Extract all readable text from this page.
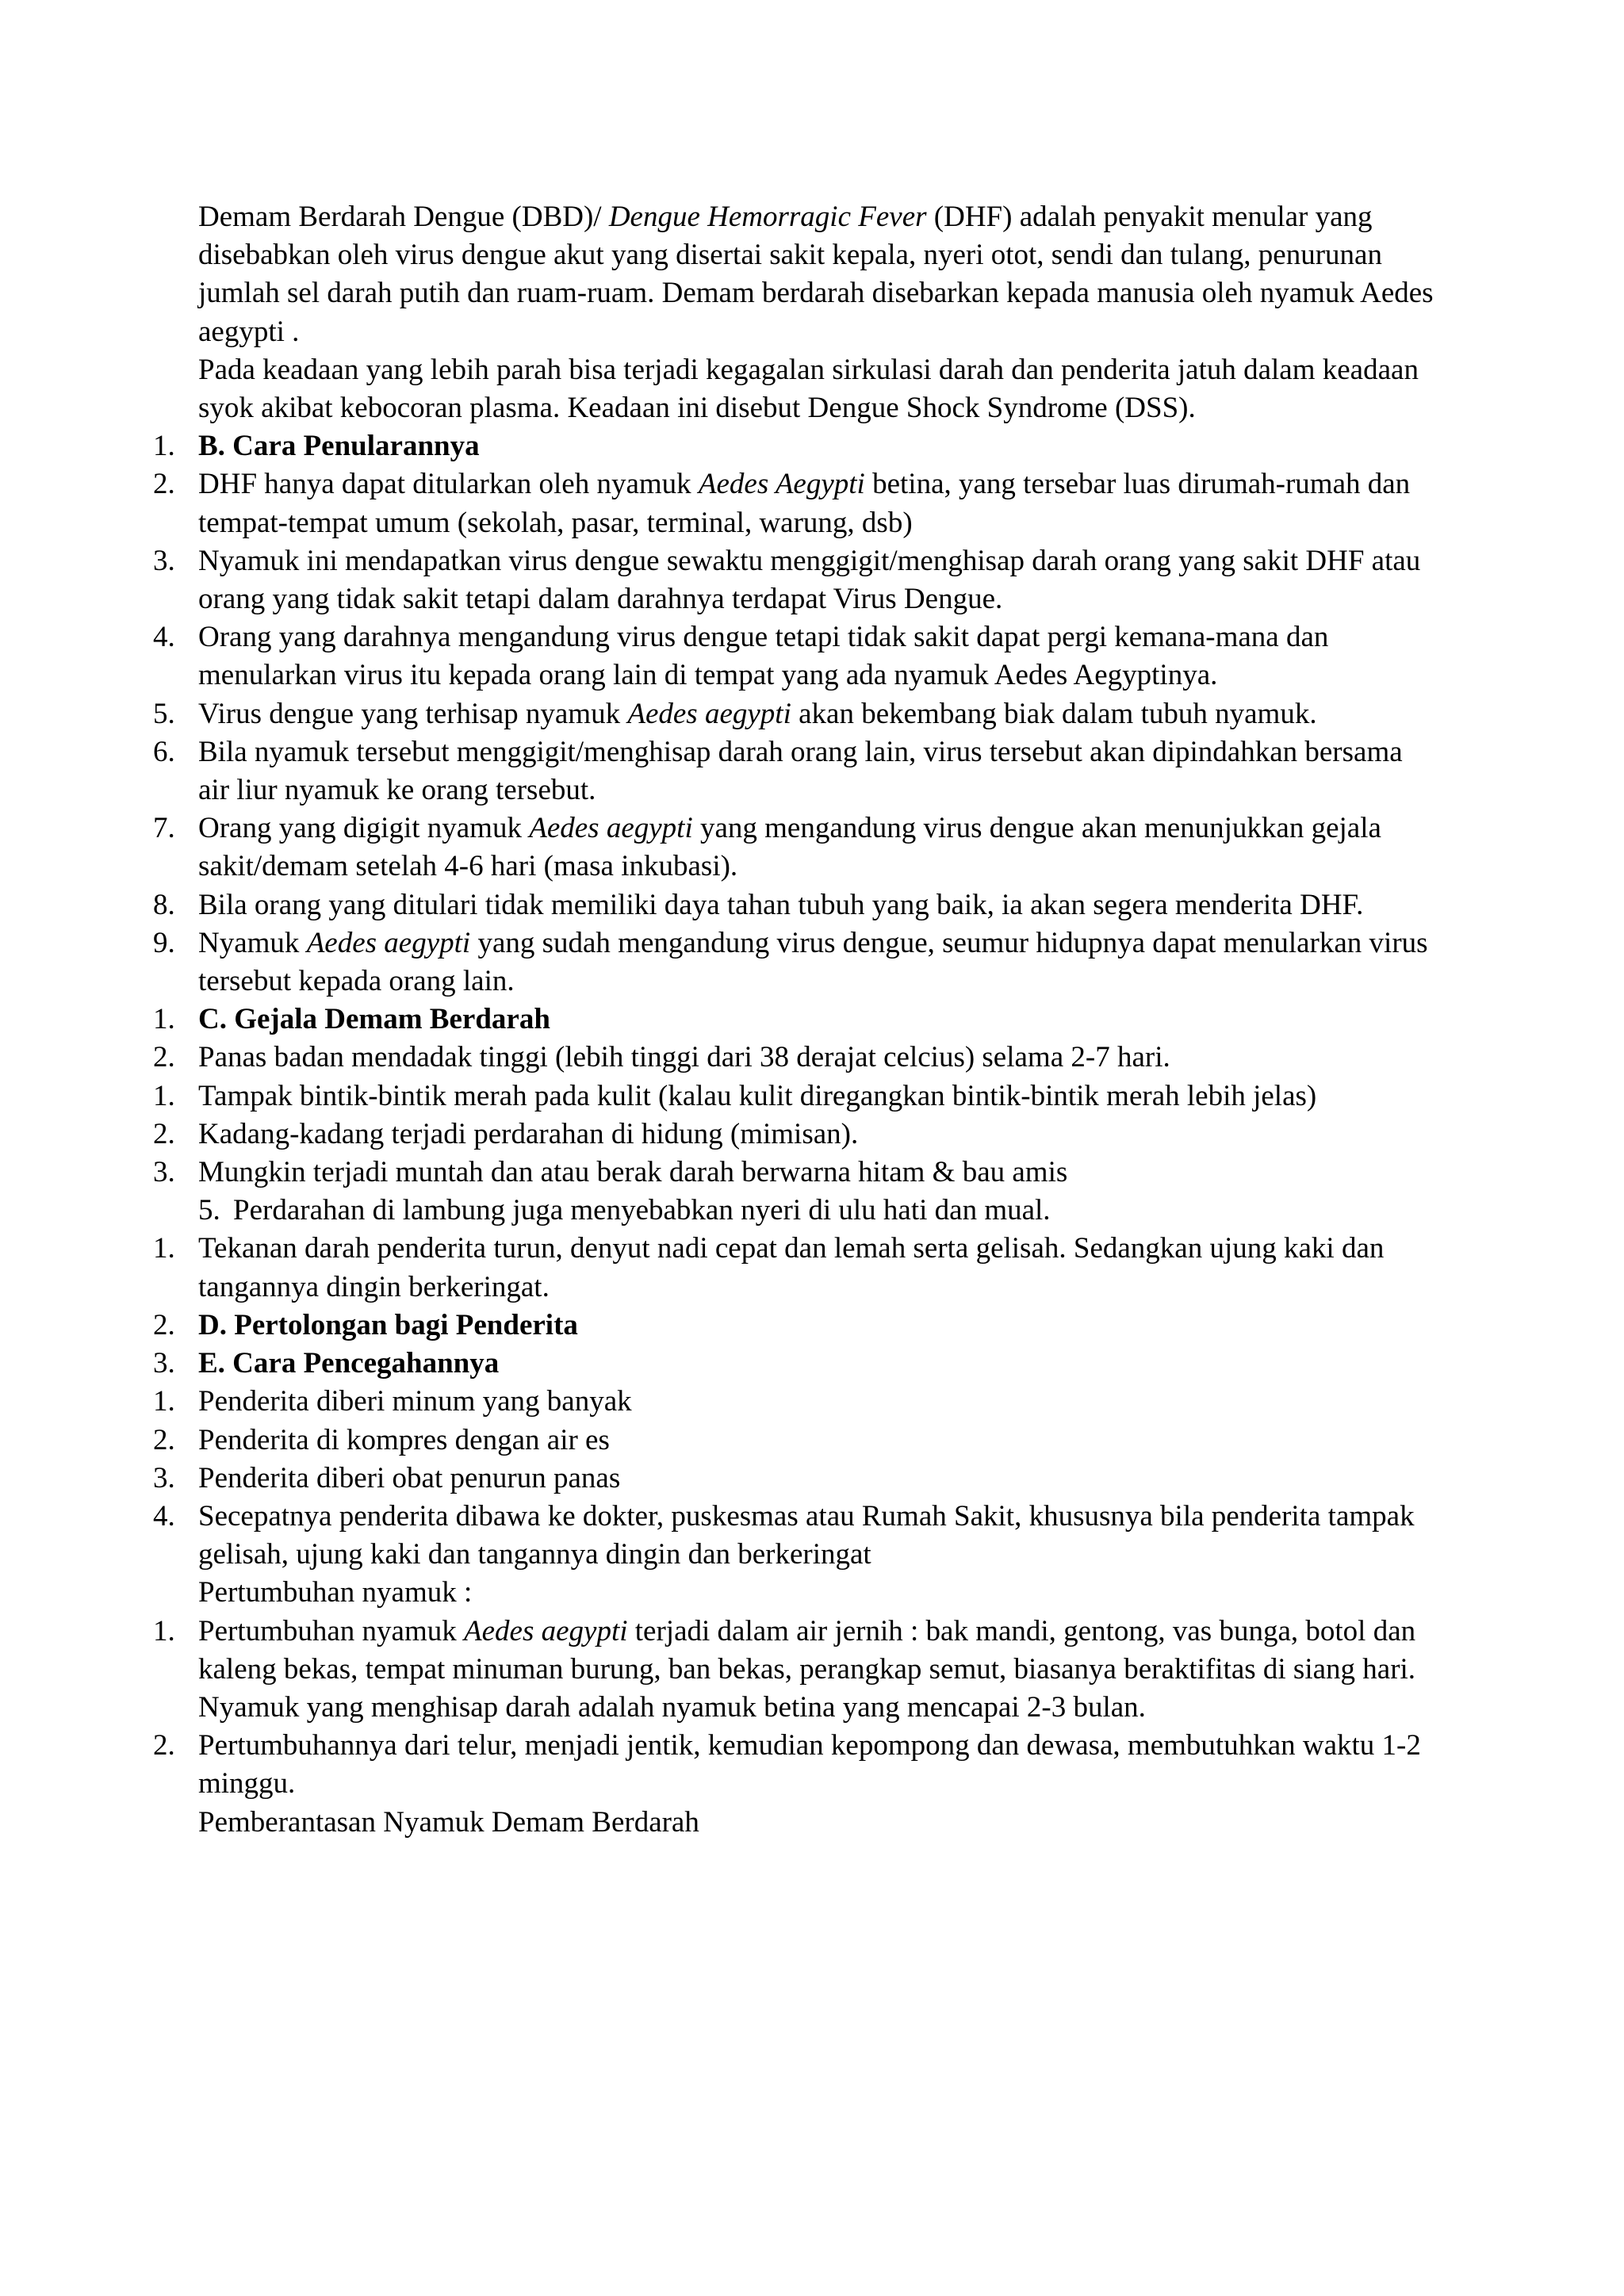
Demam Berdarah Dengue (DBD)/ Dengue Hemorragic Fever (DHF) adalah penyakit menular yang disebabkan oleh virus dengue akut yang disertai sakit kepala, nyeri otot, sendi dan tulang, penurunan jumlah sel darah putih dan ruam-ruam. Demam berdarah disebarkan kepada manusia oleh nyamuk Aedes aegypti .

Pada keadaan yang lebih parah bisa terjadi kegagalan sirkulasi darah dan penderita jatuh dalam keadaan syok akibat kebocoran plasma. Keadaan ini disebut Dengue Shock Syndrome (DSS).

1. B. Cara Penularannya

2. DHF hanya dapat ditularkan oleh nyamuk Aedes Aegypti betina, yang tersebar luas dirumah-rumah dan tempat-tempat umum (sekolah, pasar, terminal, warung, dsb)

3. Nyamuk ini mendapatkan virus dengue sewaktu menggigit/menghisap darah orang yang sakit DHF atau orang yang tidak sakit tetapi dalam darahnya terdapat Virus Dengue.

4. Orang yang darahnya mengandung virus dengue tetapi tidak sakit dapat pergi kemana-mana dan menularkan virus itu kepada orang lain di tempat yang ada nyamuk Aedes Aegyptinya.

5. Virus dengue yang terhisap nyamuk Aedes aegypti akan bekembang biak dalam tubuh nyamuk.

6. Bila nyamuk tersebut menggigit/menghisap darah orang lain, virus tersebut akan dipindahkan bersama air liur nyamuk ke orang tersebut.

7. Orang yang digigit nyamuk Aedes aegypti yang mengandung virus dengue akan menunjukkan gejala sakit/demam setelah 4-6 hari (masa inkubasi).

8. Bila orang yang ditulari tidak memiliki daya tahan tubuh yang baik, ia akan segera menderita DHF.

9. Nyamuk Aedes aegypti yang sudah mengandung virus dengue, seumur hidupnya dapat menularkan virus tersebut kepada orang lain.

1. C. Gejala Demam Berdarah

2. Panas badan mendadak tinggi (lebih tinggi dari 38 derajat celcius) selama 2-7 hari.

1. Tampak bintik-bintik merah pada kulit (kalau kulit diregangkan bintik-bintik merah lebih jelas)

2. Kadang-kadang terjadi perdarahan di hidung (mimisan).

3. Mungkin terjadi muntah dan atau berak darah berwarna hitam & bau amis

5. Perdarahan di lambung juga menyebabkan nyeri di ulu hati dan mual.

1. Tekanan darah penderita turun, denyut nadi cepat dan lemah serta gelisah. Sedangkan ujung kaki dan tangannya dingin berkeringat.

2. D. Pertolongan bagi Penderita

3. E. Cara Pencegahannya

1. Penderita diberi minum yang banyak

2. Penderita di kompres dengan air es

3. Penderita diberi obat penurun panas

4. Secepatnya penderita dibawa ke dokter, puskesmas atau Rumah Sakit, khususnya bila penderita tampak gelisah, ujung kaki dan tangannya dingin dan berkeringat

Pertumbuhan nyamuk :

1. Pertumbuhan nyamuk Aedes aegypti terjadi dalam air jernih : bak mandi, gentong, vas bunga, botol dan kaleng bekas, tempat minuman burung, ban bekas, perangkap semut, biasanya beraktifitas di siang hari. Nyamuk yang menghisap darah adalah nyamuk betina yang mencapai 2-3 bulan.

2. Pertumbuhannya dari telur, menjadi jentik, kemudian kepompong dan dewasa, membutuhkan waktu 1-2 minggu.

Pemberantasan Nyamuk Demam Berdarah
